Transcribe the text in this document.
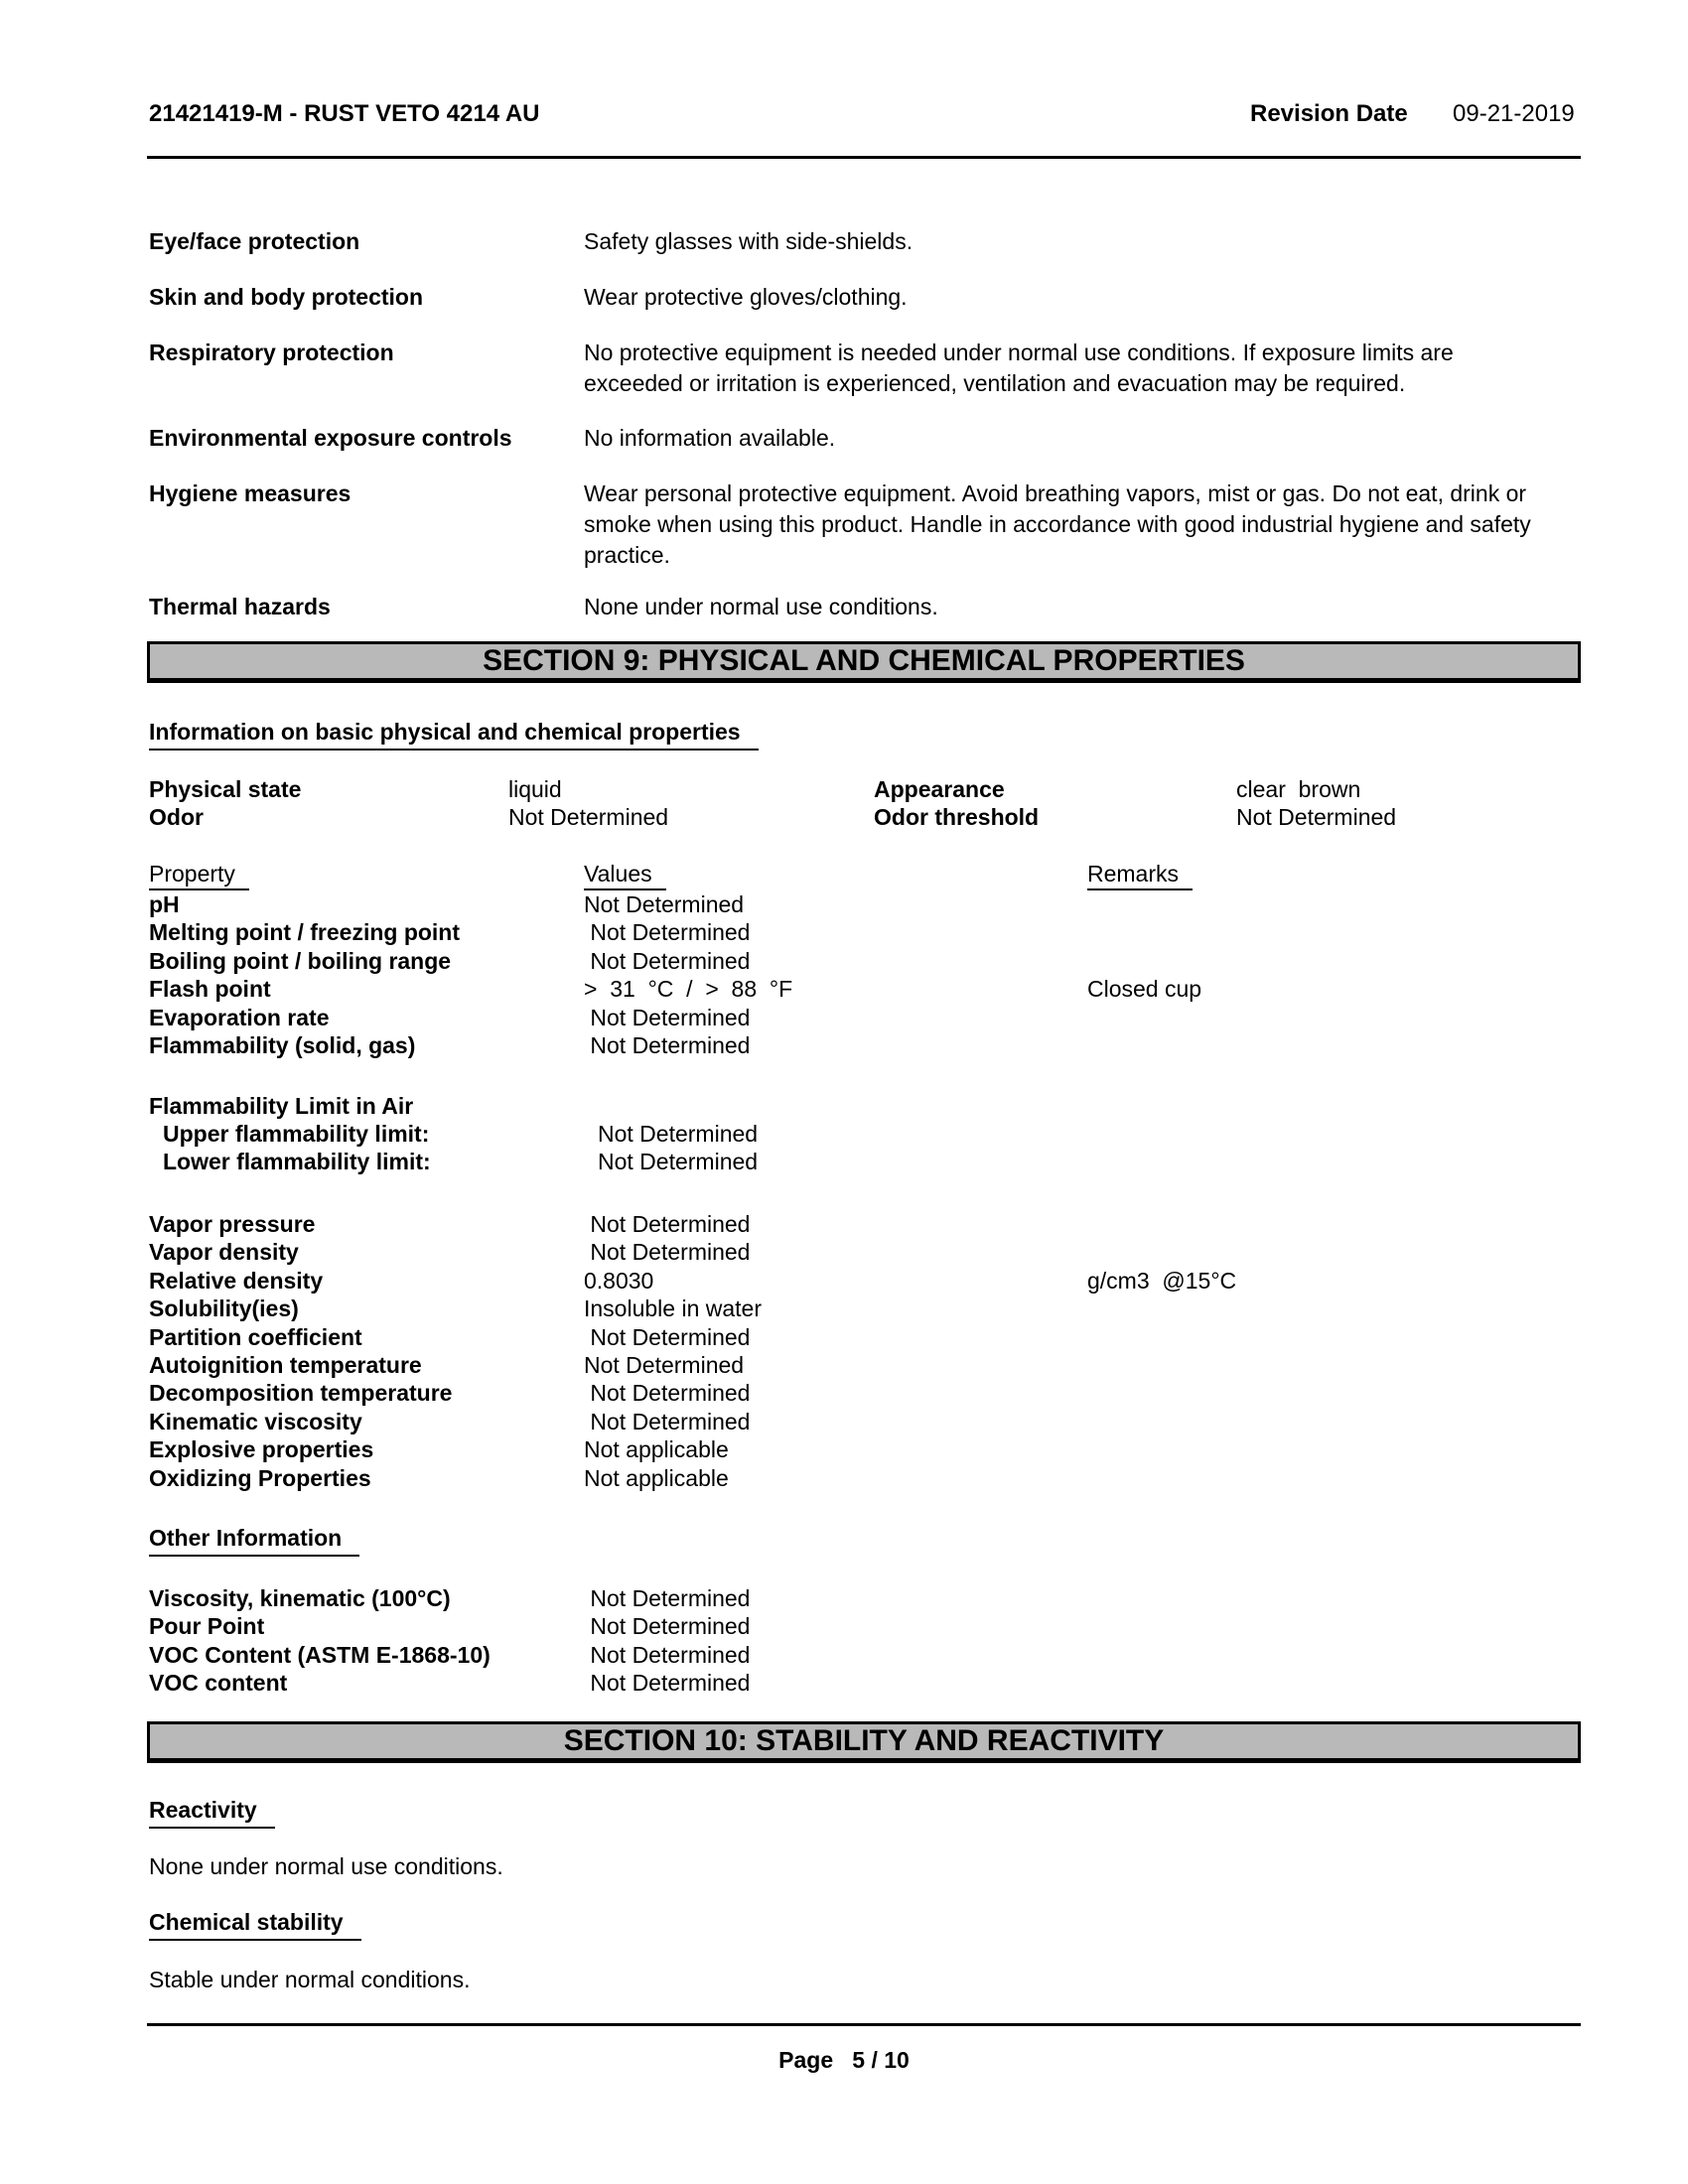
21421419-M - RUST VETO 4214 AU	Revision Date 09-21-2019
Eye/face protection	Safety glasses with side-shields.
Skin and body protection	Wear protective gloves/clothing.
Respiratory protection	No protective equipment is needed under normal use conditions. If exposure limits are exceeded or irritation is experienced, ventilation and evacuation may be required.
Environmental exposure controls	No information available.
Hygiene measures	Wear personal protective equipment. Avoid breathing vapors, mist or gas. Do not eat, drink or smoke when using this product. Handle in accordance with good industrial hygiene and safety practice.
Thermal hazards	None under normal use conditions.
SECTION 9: PHYSICAL AND CHEMICAL PROPERTIES
Information on basic physical and chemical properties
Physical state	liquid	Appearance	clear  brown
Odor	Not Determined	Odor threshold	Not Determined
Property	Values	Remarks
pH	Not Determined
Melting point / freezing point	Not Determined
Boiling point / boiling range	Not Determined
Flash point	>  31  °C  /  >  88  °F	Closed cup
Evaporation rate	Not Determined
Flammability (solid, gas)	Not Determined
Flammability Limit in Air
Upper flammability limit:	Not Determined
Lower flammability limit:	Not Determined
Vapor pressure	Not Determined
Vapor density	Not Determined
Relative density	0.8030	g/cm3  @15°C
Solubility(ies)	Insoluble in water
Partition coefficient	Not Determined
Autoignition temperature	Not Determined
Decomposition temperature	Not Determined
Kinematic viscosity	Not Determined
Explosive properties	Not applicable
Oxidizing Properties	Not applicable
Other Information
Viscosity, kinematic (100°C)	Not Determined
Pour Point	Not Determined
VOC Content (ASTM E-1868-10)	Not Determined
VOC content	Not Determined
SECTION 10: STABILITY AND REACTIVITY
Reactivity
None under normal use conditions.
Chemical stability
Stable under normal conditions.
Page   5 / 10
